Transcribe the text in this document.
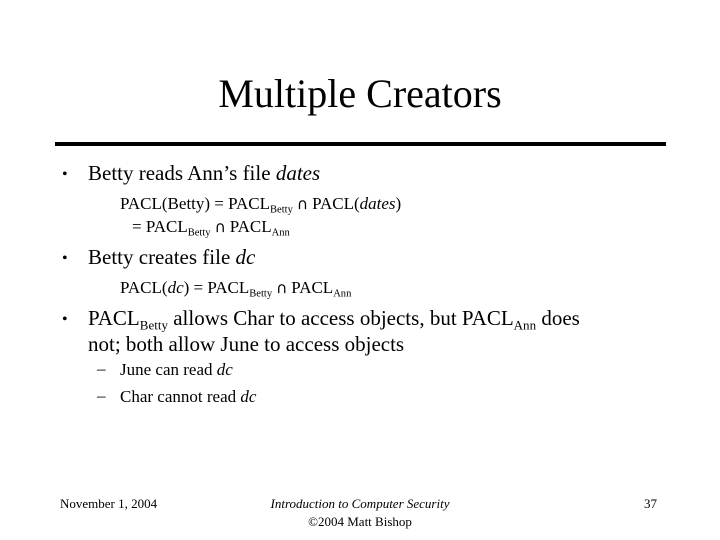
Multiple Creators
• Betty reads Ann’s file dates
PACL(Betty) = $PACL_{Betty}$ ∩ PACL(dates)
= $PACL_{Betty}$ ∩ $PACL_{Ann}$
• Betty creates file dc
PACL(dc) = $PACL_{Betty}$ ∩ $PACL_{Ann}$
• $PACL_{Betty}$ allows Char to access objects, but $PACL_{Ann}$ does
not; both allow June to access objects
– June can read dc
– Char cannot read dc
November 1, 2004	Introduction to Computer Security
©2004 Matt Bishop
37
